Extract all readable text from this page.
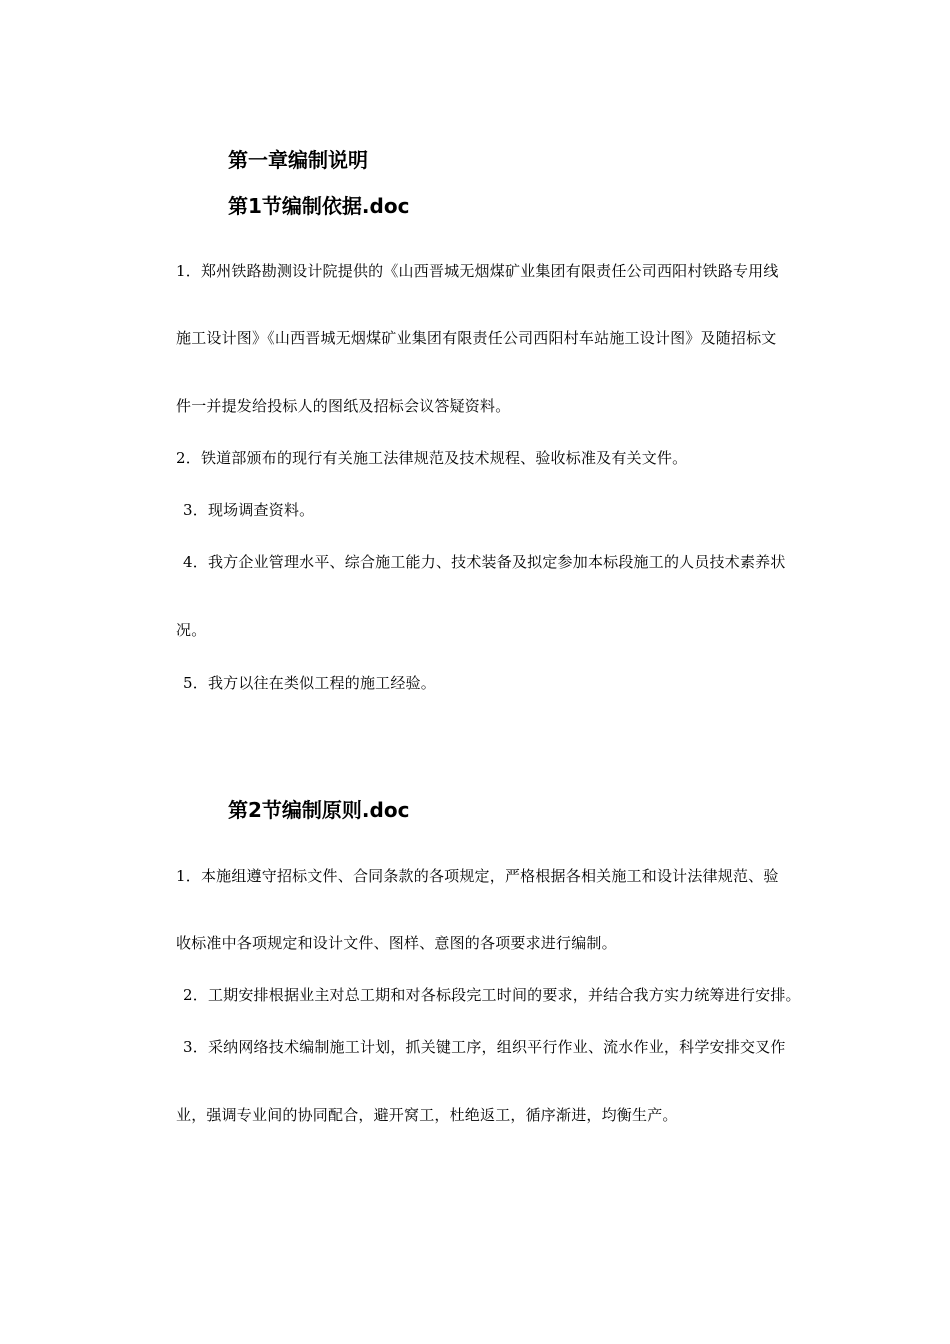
第一章编制说明
第1节编制依据.doc

1．郑州铁路勘测设计院提供的《山西晋城无烟煤矿业集团有限责任公司西阳村铁路专用线

施工设计图》《山西晋城无烟煤矿业集团有限责任公司西阳村车站施工设计图》及随招标文

件一并提发给投标人的图纸及招标会议答疑资料。

2．铁道部颁布的现行有关施工法律规范及技术规程、验收标准及有关文件。

3．现场调查资料。

4．我方企业管理水平、综合施工能力、技术装备及拟定参加本标段施工的人员技术素养状

况。

5．我方以往在类似工程的施工经验。

第2节编制原则.doc

1．本施组遵守招标文件、合同条款的各项规定，严格根据各相关施工和设计法律规范、验

收标准中各项规定和设计文件、图样、意图的各项要求进行编制。

2．工期安排根据业主对总工期和对各标段完工时间的要求，并结合我方实力统筹进行安排。

3．采纳网络技术编制施工计划，抓关键工序，组织平行作业、流水作业，科学安排交叉作

业，强调专业间的协同配合，避开窝工，杜绝返工，循序渐进，均衡生产。
